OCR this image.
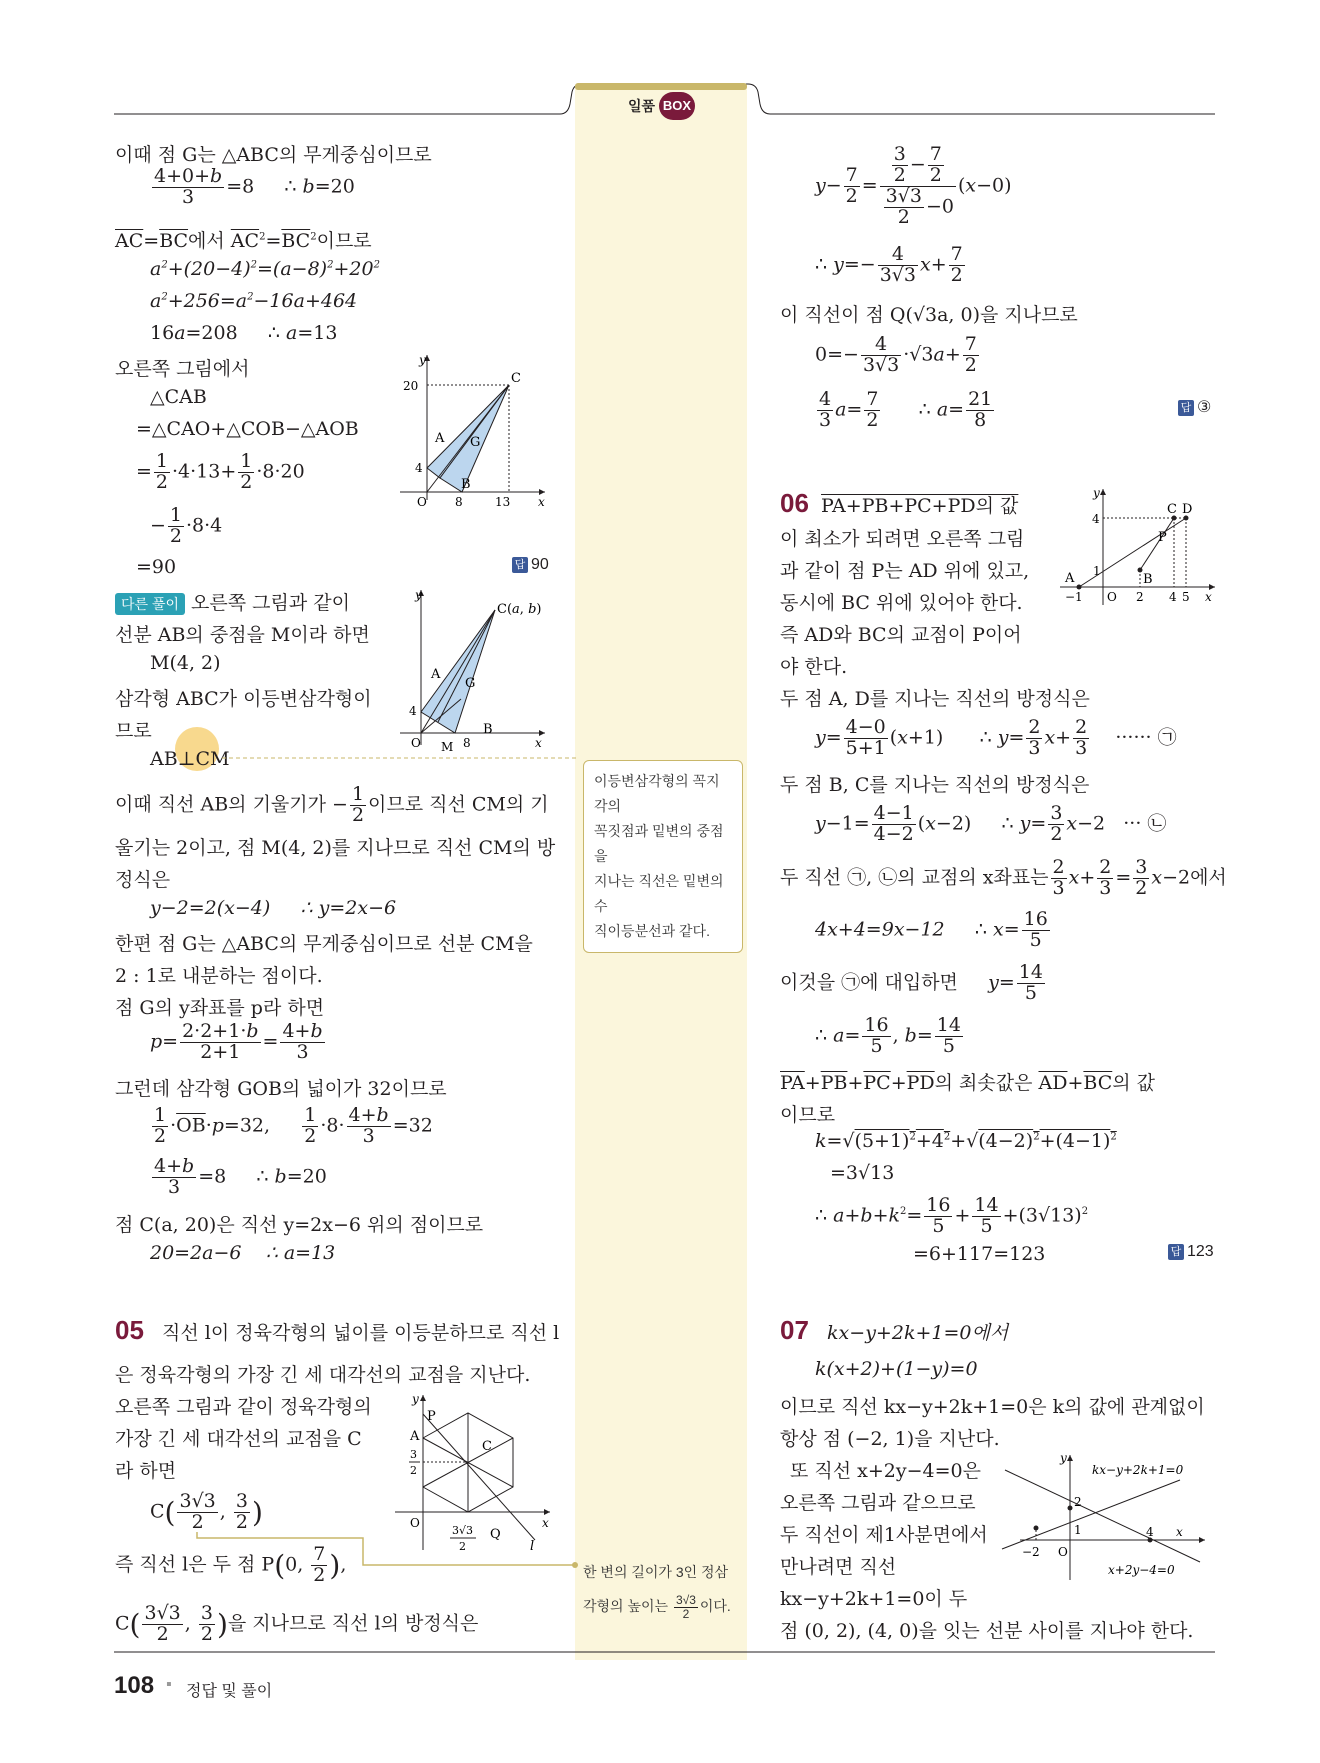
일품 BOX
이때 점 G는 △ABC의 무게중심이므로
$\frac{4+0+b}{3} =8$     ∴ b=20
$\overline{AC}=\overline{BC}$에서 $\overline{AC}^2=\overline{BC}^2$이므로
$a^2+(20-4)^2=(a-8)^2+20^2$
$a^2+256=a^2-16a+464$
16a=208     ∴ a=13
오른쪽 그림에서
△CAB
=△CAO+△COB−△AOB
= $\frac{1}{2} \cdot 4\cdot 13+ \frac{1}{2} \cdot 8\cdot 20$
− $\frac{1}{2} \cdot 8\cdot 4$
=90	답 90
y
20
4
O 8	13 x
C
A G
B
다른 풀이 오른쪽 그림과 같이
선분 AB의 중점을 M이라 하면
M(4, 2)
삼각형 ABC가 이등변삼각형이
므로
AB⊥CM
y
C(a, b)
A
G
4
O M 8
B
x
이때 직선 AB의 기울기가 − $\frac{1}{2}$ 이므로 직선 CM의 기
울기는 2이고, 점 M(4, 2)를 지나므로 직선 CM의 방
정식은
y−2=2(x−4) ∴ y=2x−6
한편 점 G는 △ABC의 무게중심이므로 선분 CM을
2 : 1로 내분하는 점이다.
점 G의 y좌표를 p라 하면
$p= \frac{2\cdot 2+1\cdot b}{2+1} = \frac{4+b}{3}$
그런데 삼각형 GOB의 넓이가 32이므로
$\frac{1}{2} \cdot\overline{OB}\cdot p=32$, $\frac{1}{2} \cdot 8\cdot \frac{4+b}{3} =32$
$\frac{4+b}{3} =8$     ∴ b=20
점 C(a, 20)은 직선 y=2x−6 위의 점이므로
20=2a−6 ∴ a=13
05 직선 l이 정육각형의 넓이를 이등분하므로 직선 l
은 정육각형의 가장 긴 세 대각선의 교점을 지난다.
오른쪽 그림과 같이 정육각형의
가장 긴 세 대각선의 교점을 C
라 하면
$C( \frac{3√3}{2}$ , $\frac{3}{2}$ )
즉 직선 l은 두 점 P(0, $\frac{7}{2}$ ),
$C( \frac{3√3}{2}$ , $\frac{3}{2}$ )을 지나므로 직선 l의 방정식은
y
P
A
C
3
2
O
3√3
2
Q
l
x
이등변삼각형의 꼭지각의
꼭짓점과 밑변의 중점을
지나는 직선은 밑변의 수
직이등분선과 같다.
한 변의 길이가 3인 정삼
각형의 높이는 $\frac{3√3}{2}$ 이다.
$y- \frac{7}{2} = \frac{\frac{3}{2} - \frac{7}{2}}{\frac{3√3}{2} -0} (x-0)$
∴ $y=- \frac{4}{3√3} x+ \frac{7}{2}$
이 직선이 점 Q(√3a, 0)을 지나므로
$0=- \frac{4}{3√3} \cdot√3a+ \frac{7}{2}$
$\frac{4}{3} a= \frac{7}{2}$ ∴ $a= \frac{21}{8}$	답 ③
06 PA+PB+PC+PD의 값
이 최소가 되려면 오른쪽 그림
과 같이 점 P는 AD 위에 있고,
동시에 BC 위에 있어야 한다.
즉 AD와 BC의 교점이 P이어
야 한다.
두 점 A, D를 지나는 직선의 방정식은
$y= \frac{4-0}{5+1} (x+1)$      ∴ $y= \frac{2}{3} x+ \frac{2}{3}$ ······ ㉠
두 점 B, C를 지나는 직선의 방정식은
$y-1= \frac{4-1}{4-2} (x-2)$     ∴ $y= \frac{3}{2} x-2$   ··· ㉡
두 직선 ㉠, ㉡의 교점의 x좌표는 $\frac{2}{3} x+ \frac{2}{3} = \frac{3}{2} x-2$에서
4x+4=9x−12     ∴ $x= \frac{16}{5}$
이것을 ㉠에 대입하면 $y= \frac{14}{5}$
∴ $a= \frac{16}{5}$ , $b= \frac{14}{5}$
$\overline{PA}+\overline{PB}+\overline{PC}+\overline{PD}$의 최솟값은 $\overline{AD}+\overline{BC}$의 값
이므로
$k=√(5+1)^2+4^2+√(4-2)^2+(4-1)^2$
=3√13
∴ $a+b+k^2= \frac{16}{5} + \frac{14}{5} +(3√13)^2$
=6+117=123	답 123
y
4
1
A	B
C D
P
−1 O 2 4 5 x
07 kx−y+2k+1=0에서
k(x+2)+(1−y)=0
이므로 직선 kx−y+2k+1=0은 k의 값에 관계없이
항상 점 (−2, 1)을 지난다.
또 직선 x+2y−4=0은
오른쪽 그림과 같으므로
두 직선이 제1사분면에서
만나려면 직선
kx−y+2k+1=0이 두
점 (0, 2), (4, 0)을 잇는 선분 사이를 지나야 한다.
y
2
1
−2 O
4 x
kx−y+2k+1=0
x+2y−4=0
108 ▪ 정답 및 풀이
